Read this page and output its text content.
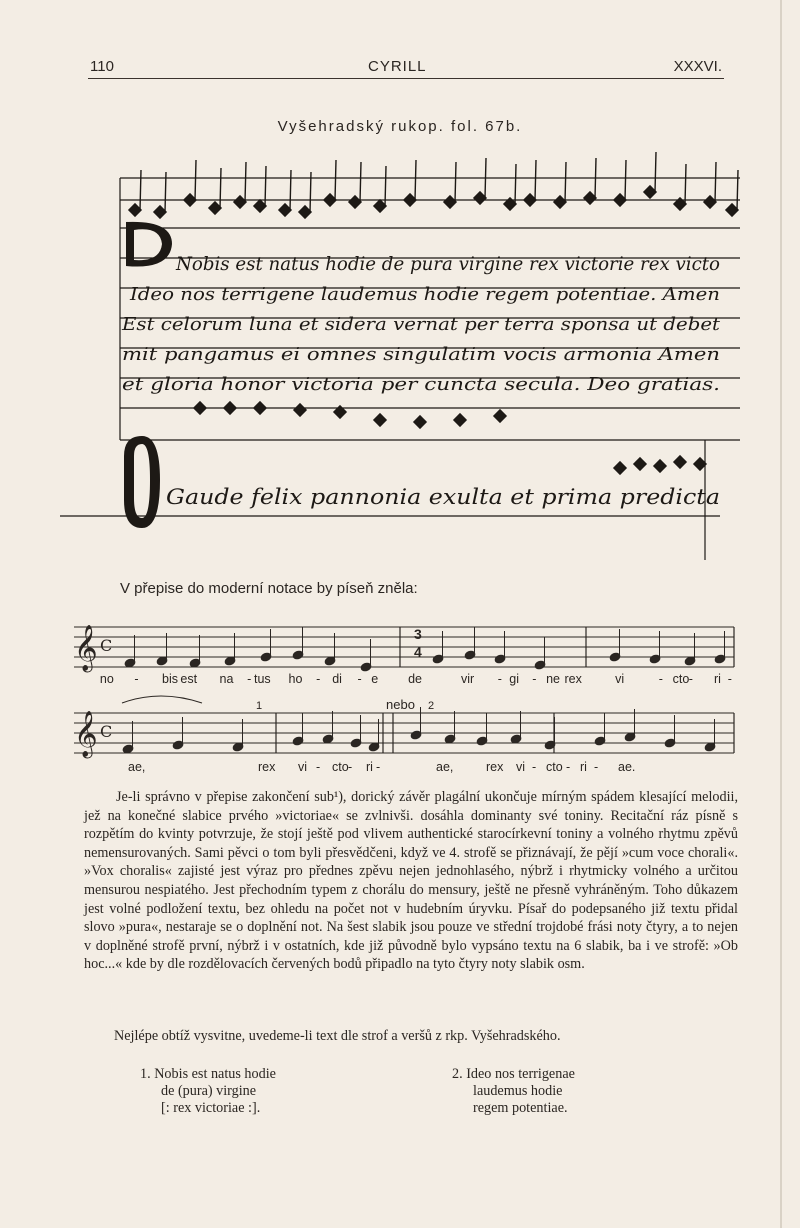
110	CYRILL	XXXVI.
Vyšehradský rukop. fol. 67b.
Nobis est natus hodie de pura virgine rex victorie rex victo
Ideo nos terrigene laudemus hodie regem potentiae. Amen
Est celorum luna et sidera vernat per terra sponsa ut debet
mit pangamus ei omnes singulatim vocis armonia Amen
et gloria honor victoria per cuncta secula. Deo gratias.
Gaude felix pannonia exulta et prima predicta
V přepise do moderní notace by píseň zněla:
no - bis est na - tus ho - di - e de	vir - gi - ne rex	vi	- cto - ri -
ae,	rex vi - cto - ri -	ae,	rex vi - cto - ri - ae.
𝄞 C
𝄞 C
3
4
nebo
1	2

Je-li správno v přepise zakončení sub¹), dorický závěr plagální ukončuje mírným spádem klesající melodii, jež na konečné slabice prvého »victoriae« se zvlnivši. dosáhla dominanty své toniny. Recitační ráz písně s rozpětím do kvinty potvrzuje, že stojí ještě pod vlivem authentické starocírkevní toniny a volného rhytmu zpěvů nemensurovaných. Sami pěvci o tom byli přesvědčeni, když ve 4. strofě se přiznávají, že pějí »cum voce chorali«. »Vox choralis« zajisté jest výraz pro přednes zpěvu nejen jednohlasého, nýbrž i rhytmicky volného a určitou mensurou nespiatého. Jest přechodním typem z chorálu do mensury, ještě ne přesně vyhráněným. Toho důkazem jest volné podložení textu, bez ohledu na počet not v hudebním úryvku. Písař do podepsaného již textu přidal slovo »pura«, nestaraje se o doplnění not. Na šest slabik jsou pouze ve střední trojdobé frási noty čtyry, a to nejen v doplněné strofě první, nýbrž i v ostatních, kde již původně bylo vypsáno textu na 6 slabik, ba i ve strofě: »Ob hoc...« kde by dle rozdělovacích červených bodů připadlo na tyto čtyry noty slabik osm.

Nejlépe obtíž vysvitne, uvedeme-li text dle strof a veršů z rkp. Vyšehradského.
1. Nobis est natus hodie
de (pura) virgine
[: rex victoriae :].
2. Ideo nos terrigenae
laudemus hodie
regem potentiae.
